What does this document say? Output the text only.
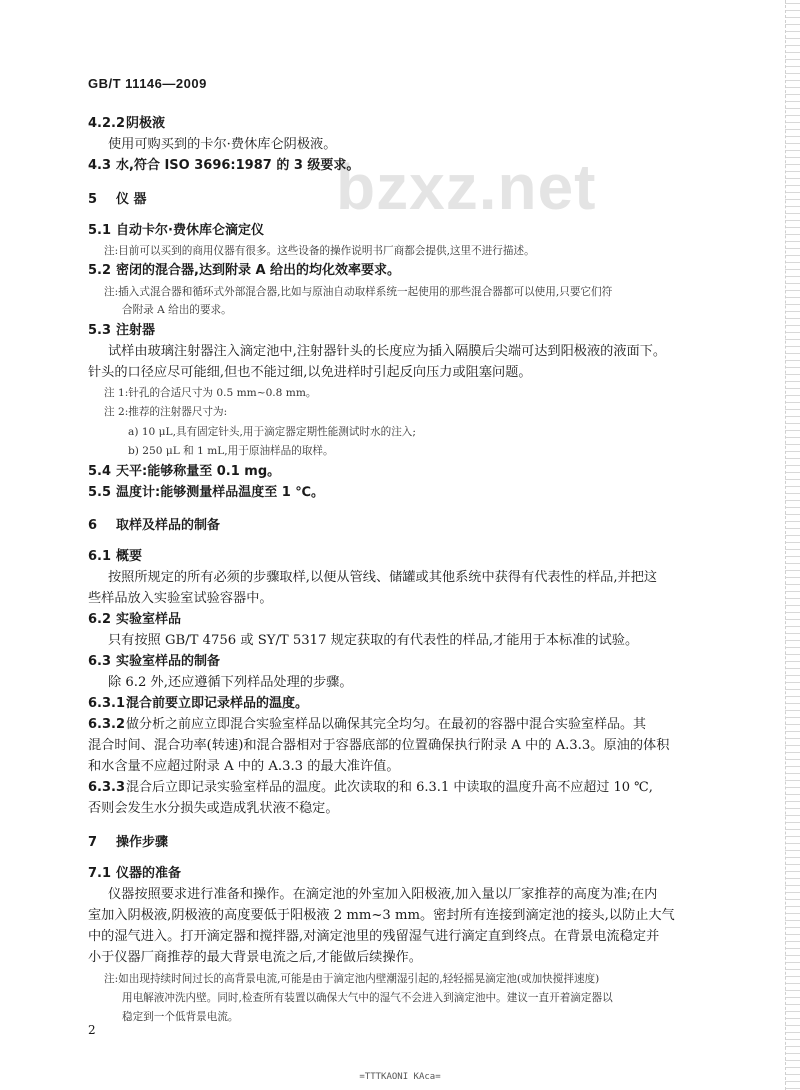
bzxz.net
GB/T 11146—2009
4.2.2阴极液
使用可购买到的卡尔·费休库仑阴极液。
4.3 水,符合 ISO 3696:1987 的 3 级要求。
5 仪 器
5.1 自动卡尔·费休库仑滴定仪
注:目前可以买到的商用仪器有很多。这些设备的操作说明书厂商都会提供,这里不进行描述。
5.2 密闭的混合器,达到附录 A 给出的均化效率要求。
注:插入式混合器和循环式外部混合器,比如与原油自动取样系统一起使用的那些混合器都可以使用,只要它们符
合附录 A 给出的要求。
5.3 注射器
试样由玻璃注射器注入滴定池中,注射器针头的长度应为插入隔膜后尖端可达到阳极液的液面下。
针头的口径应尽可能细,但也不能过细,以免进样时引起反向压力或阻塞问题。
注 1:针孔的合适尺寸为 0.5 mm~0.8 mm。
注 2:推荐的注射器尺寸为:
a) 10 μL,具有固定针头,用于滴定器定期性能测试时水的注入;
b) 250 μL 和 1 mL,用于原油样品的取样。
5.4 天平:能够称量至 0.1 mg。
5.5 温度计:能够测量样品温度至 1 ℃。
6 取样及样品的制备
6.1 概要
按照所规定的所有必须的步骤取样,以便从管线、储罐或其他系统中获得有代表性的样品,并把这
些样品放入实验室试验容器中。
6.2 实验室样品
只有按照 GB/T 4756 或 SY/T 5317 规定获取的有代表性的样品,才能用于本标准的试验。
6.3 实验室样品的制备
除 6.2 外,还应遵循下列样品处理的步骤。
6.3.1混合前要立即记录样品的温度。
6.3.2做分析之前应立即混合实验室样品以确保其完全均匀。在最初的容器中混合实验室样品。其
混合时间、混合功率(转速)和混合器相对于容器底部的位置确保执行附录 A 中的 A.3.3。原油的体积
和水含量不应超过附录 A 中的 A.3.3 的最大准许值。
6.3.3混合后立即记录实验室样品的温度。此次读取的和 6.3.1 中读取的温度升高不应超过 10 ℃,
否则会发生水分损失或造成乳状液不稳定。
7 操作步骤
7.1 仪器的准备
仪器按照要求进行准备和操作。在滴定池的外室加入阳极液,加入量以厂家推荐的高度为准;在内
室加入阴极液,阴极液的高度要低于阳极液 2 mm~3 mm。密封所有连接到滴定池的接头,以防止大气
中的湿气进入。打开滴定器和搅拌器,对滴定池里的残留湿气进行滴定直到终点。在背景电流稳定并
小于仪器厂商推荐的最大背景电流之后,才能做后续操作。
注:如出现持续时间过长的高背景电流,可能是由于滴定池内壁潮湿引起的,轻轻摇晃滴定池(或加快搅拌速度)
用电解液冲洗内壁。同时,检查所有装置以确保大气中的湿气不会进入到滴定池中。建议一直开着滴定器以
稳定到一个低背景电流。
2
=TTTKAONI KAca=
